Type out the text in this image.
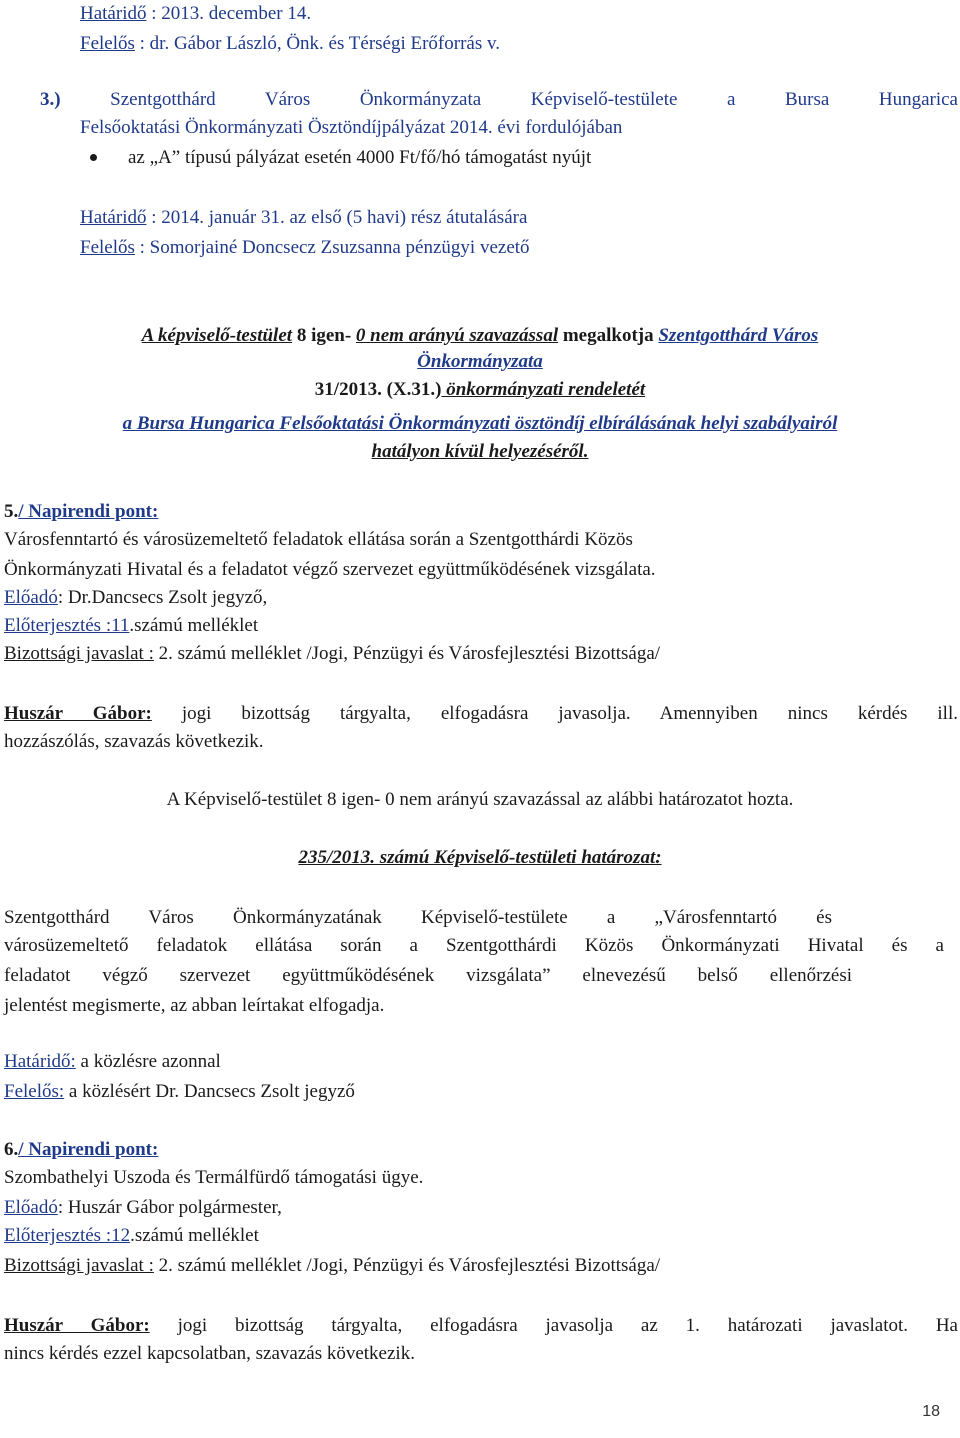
Határidő : 2013. december 14.
Felelős : dr. Gábor László, Önk. és Térségi Erőforrás v.
3.) Szentgotthárd Város Önkormányzata Képviselő-testülete a Bursa Hungarica
Felsőoktatási Önkormányzati Ösztöndíjpályázat 2014. évi fordulójában
az „A” típusú pályázat esetén 4000 Ft/fő/hó támogatást nyújt
Határidő : 2014. január 31. az első (5 havi) rész átutalására
Felelős : Somorjainé Doncsecz Zsuzsanna pénzügyi vezető
A képviselő-testület 8 igen- 0 nem arányú szavazással megalkotja Szentgotthárd Város
Önkormányzata
31/2013. (X.31.) önkormányzati rendeletét
a Bursa Hungarica Felsőoktatási Önkormányzati ösztöndíj elbírálásának helyi szabályairól
hatályon kívül helyezéséről.
5./ Napirendi pont:
Városfenntartó és városüzemeltető feladatok ellátása során a Szentgotthárdi Közös
Önkormányzati Hivatal és a feladatot végző szervezet együttműködésének vizsgálata.
Előadó: Dr.Dancsecs Zsolt jegyző,
Előterjesztés :11.számú melléklet
Bizottsági javaslat : 2. számú melléklet /Jogi, Pénzügyi és Városfejlesztési Bizottsága/
Huszár Gábor: jogi bizottság tárgyalta, elfogadásra javasolja. Amennyiben nincs kérdés ill.
hozzászólás, szavazás következik.
A Képviselő-testület 8 igen- 0 nem arányú szavazással az alábbi határozatot hozta.
235/2013. számú Képviselő-testületi határozat:
Szentgotthárd Város Önkormányzatának Képviselő-testülete a „Városfenntartó és
városüzemeltető feladatok ellátása során a Szentgotthárdi Közös Önkormányzati Hivatal és a
feladatot végző szervezet együttműködésének vizsgálata” elnevezésű belső ellenőrzési
jelentést megismerte, az abban leírtakat elfogadja.
Határidő: a közlésre azonnal
Felelős: a közlésért Dr. Dancsecs Zsolt jegyző
6./ Napirendi pont:
Szombathelyi Uszoda és Termálfürdő támogatási ügye.
Előadó: Huszár Gábor polgármester,
Előterjesztés :12.számú melléklet
Bizottsági javaslat : 2. számú melléklet /Jogi, Pénzügyi és Városfejlesztési Bizottsága/
Huszár Gábor: jogi bizottság tárgyalta, elfogadásra javasolja az 1. határozati javaslatot. Ha
nincs kérdés ezzel kapcsolatban, szavazás következik.
18
